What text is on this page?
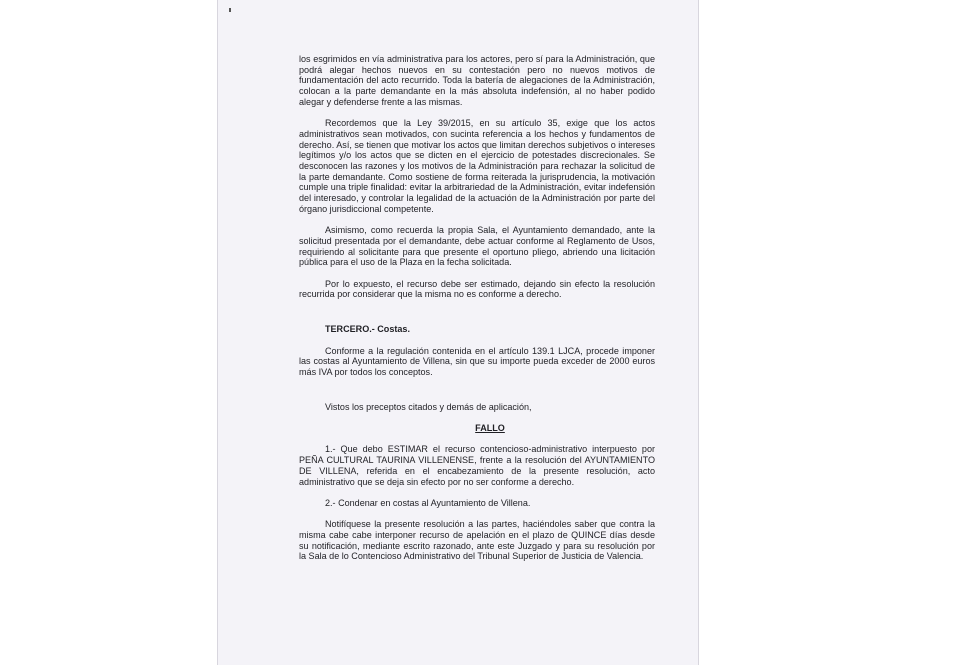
los esgrimidos en vía administrativa para los actores, pero sí para la Administración, que podrá alegar hechos nuevos en su contestación pero no nuevos motivos de fundamentación del acto recurrido. Toda la batería de alegaciones de la Administración, colocan a la parte demandante en la más absoluta indefensión, al no haber podido alegar y defenderse frente a las mismas.

Recordemos que la Ley 39/2015, en su artículo 35, exige que los actos administrativos sean motivados, con sucinta referencia a los hechos y fundamentos de derecho. Así, se tienen que motivar los actos que limitan derechos subjetivos o intereses legítimos y/o los actos que se dicten en el ejercicio de potestades discrecionales. Se desconocen las razones y los motivos de la Administración para rechazar la solicitud de la parte demandante. Como sostiene de forma reiterada la jurisprudencia, la motivación cumple una triple finalidad: evitar la arbitrariedad de la Administración, evitar indefensión del interesado, y controlar la legalidad de la actuación de la Administración por parte del órgano jurisdiccional competente.

Asimismo, como recuerda la propia Sala, el Ayuntamiento demandado, ante la solicitud presentada por el demandante, debe actuar conforme al Reglamento de Usos, requiriendo al solicitante para que presente el oportuno pliego, abriendo una licitación pública para el uso de la Plaza en la fecha solicitada.

Por lo expuesto, el recurso debe ser estimado, dejando sin efecto la resolución recurrida por considerar que la misma no es conforme a derecho.

TERCERO.- Costas.

Conforme a la regulación contenida en el artículo 139.1 LJCA, procede imponer las costas al Ayuntamiento de Villena, sin que su importe pueda exceder de 2000 euros más IVA por todos los conceptos.

Vistos los preceptos citados y demás de aplicación,

FALLO

1.- Que debo ESTIMAR el recurso contencioso-administrativo interpuesto por PEÑA CULTURAL TAURINA VILLENENSE, frente a la resolución del AYUNTAMIENTO DE VILLENA, referida en el encabezamiento de la presente resolución, acto administrativo que se deja sin efecto por no ser conforme a derecho.

2.- Condenar en costas al Ayuntamiento de Villena.

Notifíquese la presente resolución a las partes, haciéndoles saber que contra la misma cabe cabe interponer recurso de apelación en el plazo de QUINCE días desde su notificación, mediante escrito razonado, ante este Juzgado y para su resolución por la Sala de lo Contencioso Administrativo del Tribunal Superior de Justicia de Valencia.
